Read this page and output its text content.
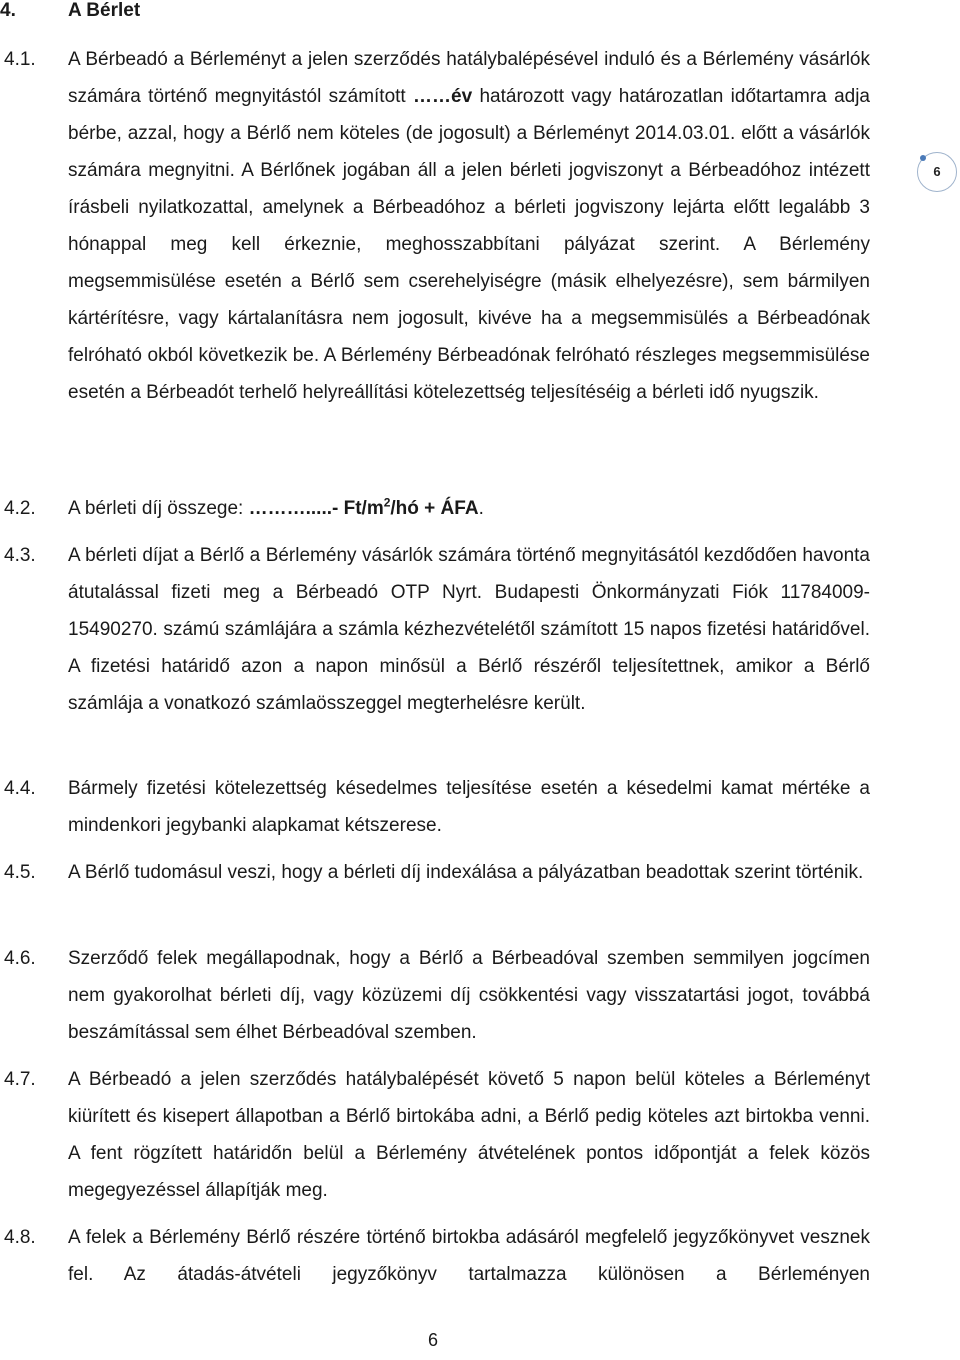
4.	A Bérlet
4.1. A Bérbeadó a Bérleményt a jelen szerződés hatálybalépésével induló és a Bérlemény vásárlók számára történő megnyitástól számított ……év határozott vagy határozatlan időtartamra adja bérbe, azzal, hogy a Bérlő nem köteles (de jogosult) a Bérleményt 2014.03.01. előtt a vásárlók számára megnyitni. A Bérlőnek jogában áll a jelen bérleti jogviszonyt a Bérbeadóhoz intézett írásbeli nyilatkozattal, amelynek a Bérbeadóhoz a bérleti jogviszony lejárta előtt legalább 3 hónappal meg kell érkeznie, meghosszabbítani pályázat szerint. A Bérlemény megsemmisülése esetén a Bérlő sem cserehelyiségre (másik elhelyezésre), sem bármilyen kártérítésre, vagy kártalanításra nem jogosult, kivéve ha a megsemmisülés a Bérbeadónak felróható okból következik be. A Bérlemény Bérbeadónak felróható részleges megsemmisülése esetén a Bérbeadót terhelő helyreállítási kötelezettség teljesítéséig a bérleti idő nyugszik.

4.2. A bérleti díj összege: ……….....- $Ft/m^2/hó$ + ÁFA.

4.3. A bérleti díjat a Bérlő a Bérlemény vásárlók számára történő megnyitásától kezdődően havonta átutalással fizeti meg a Bérbeadó OTP Nyrt. Budapesti Önkormányzati Fiók 11784009-15490270. számú számlájára a számla kézhezvételétől számított 15 napos fizetési határidővel. A fizetési határidő azon a napon minősül a Bérlő részéről teljesítettnek, amikor a Bérlő számlája a vonatkozó számlaösszeggel megterhelésre került.

4.4. Bármely fizetési kötelezettség késedelmes teljesítése esetén a késedelmi kamat mértéke a mindenkori jegybanki alapkamat kétszerese.

4.5. A Bérlő tudomásul veszi, hogy a bérleti díj indexálása a pályázatban beadottak szerint történik.

4.6. Szerződő felek megállapodnak, hogy a Bérlő a Bérbeadóval szemben semmilyen jogcímen nem gyakorolhat bérleti díj, vagy közüzemi díj csökkentési vagy visszatartási jogot, továbbá beszámítással sem élhet Bérbeadóval szemben.

4.7. A Bérbeadó a jelen szerződés hatálybalépését követő 5 napon belül köteles a Bérleményt kiürített és kisepert állapotban a Bérlő birtokába adni, a Bérlő pedig köteles azt birtokba venni. A fent rögzített határidőn belül a Bérlemény átvételének pontos időpontját a felek közös megegyezéssel állapítják meg.

4.8. A felek a Bérlemény Bérlő részére történő birtokba adásáról megfelelő jegyzőkönyvet vesznek fel. Az átadás-átvételi jegyzőkönyv tartalmazza különösen a Bérleményen

6
6
